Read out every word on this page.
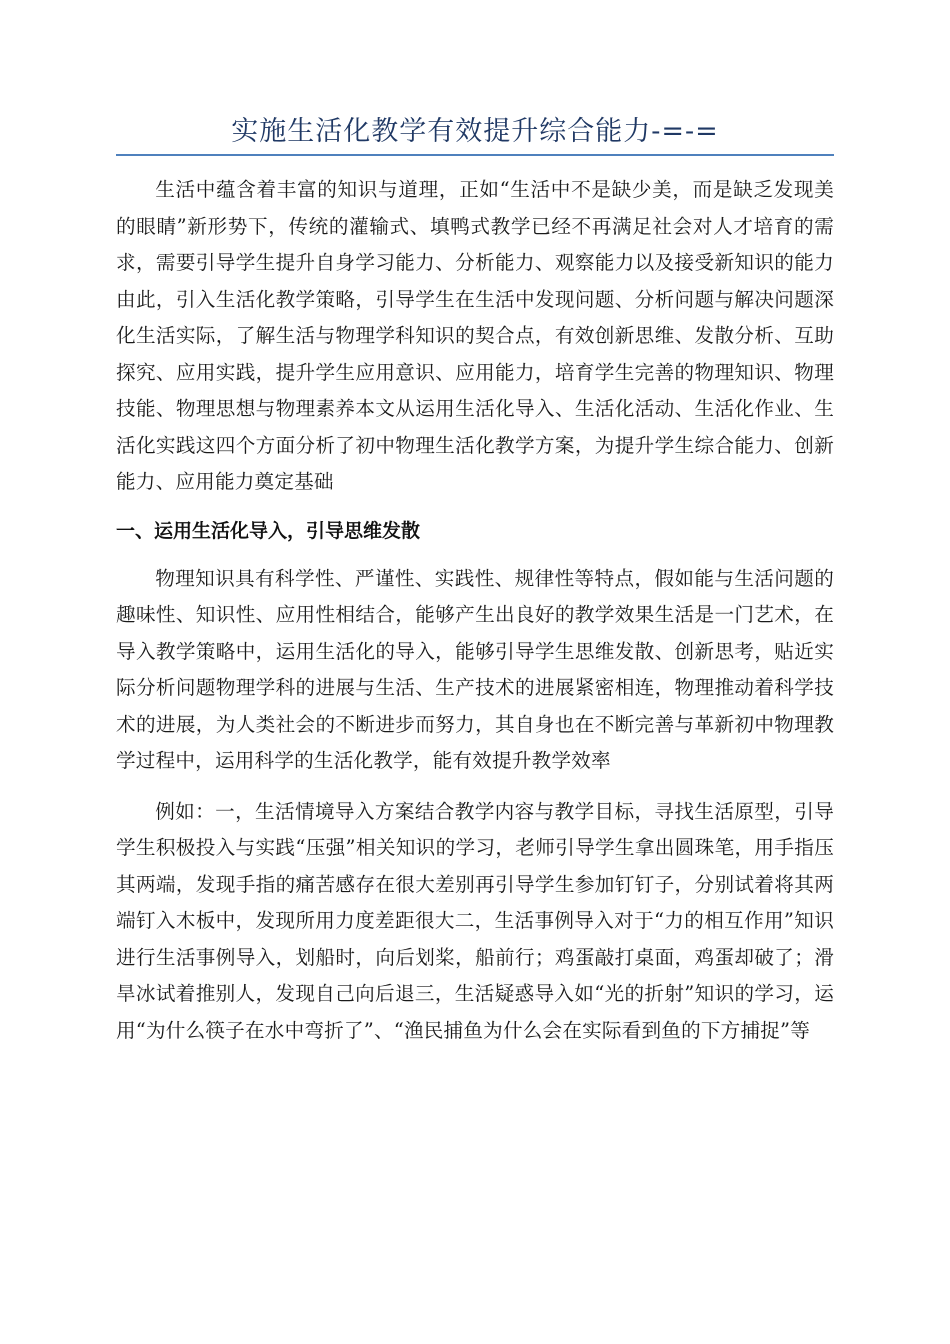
实施生活化教学有效提升综合能力-=-=

生活中蕴含着丰富的知识与道理，正如“生活中不是缺少美，而是缺乏发现美的眼睛”新形势下，传统的灌输式、填鸭式教学已经不再满足社会对人才培育的需求，需要引导学生提升自身学习能力、分析能力、观察能力以及接受新知识的能力由此，引入生活化教学策略，引导学生在生活中发现问题、分析问题与解决问题深化生活实际，了解生活与物理学科知识的契合点，有效创新思维、发散分析、互助探究、应用实践，提升学生应用意识、应用能力，培育学生完善的物理知识、物理技能、物理思想与物理素养本文从运用生活化导入、生活化活动、生活化作业、生活化实践这四个方面分析了初中物理生活化教学方案，为提升学生综合能力、创新能力、应用能力奠定基础

一、运用生活化导入，引导思维发散

物理知识具有科学性、严谨性、实践性、规律性等特点，假如能与生活问题的趣味性、知识性、应用性相结合，能够产生出良好的教学效果生活是一门艺术，在导入教学策略中，运用生活化的导入，能够引导学生思维发散、创新思考，贴近实际分析问题物理学科的进展与生活、生产技术的进展紧密相连，物理推动着科学技术的进展，为人类社会的不断进步而努力，其自身也在不断完善与革新初中物理教学过程中，运用科学的生活化教学，能有效提升教学效率

例如：一，生活情境导入方案结合教学内容与教学目标，寻找生活原型，引导学生积极投入与实践“压强”相关知识的学习，老师引导学生拿出圆珠笔，用手指压其两端，发现手指的痛苦感存在很大差别再引导学生参加钉钉子，分别试着将其两端钉入木板中，发现所用力度差距很大二，生活事例导入对于“力的相互作用”知识进行生活事例导入，划船时，向后划桨，船前行；鸡蛋敲打桌面，鸡蛋却破了；滑旱冰试着推别人，发现自己向后退三，生活疑惑导入如“光的折射”知识的学习，运用“为什么筷子在水中弯折了”、“渔民捕鱼为什么会在实际看到鱼的下方捕捉”等
